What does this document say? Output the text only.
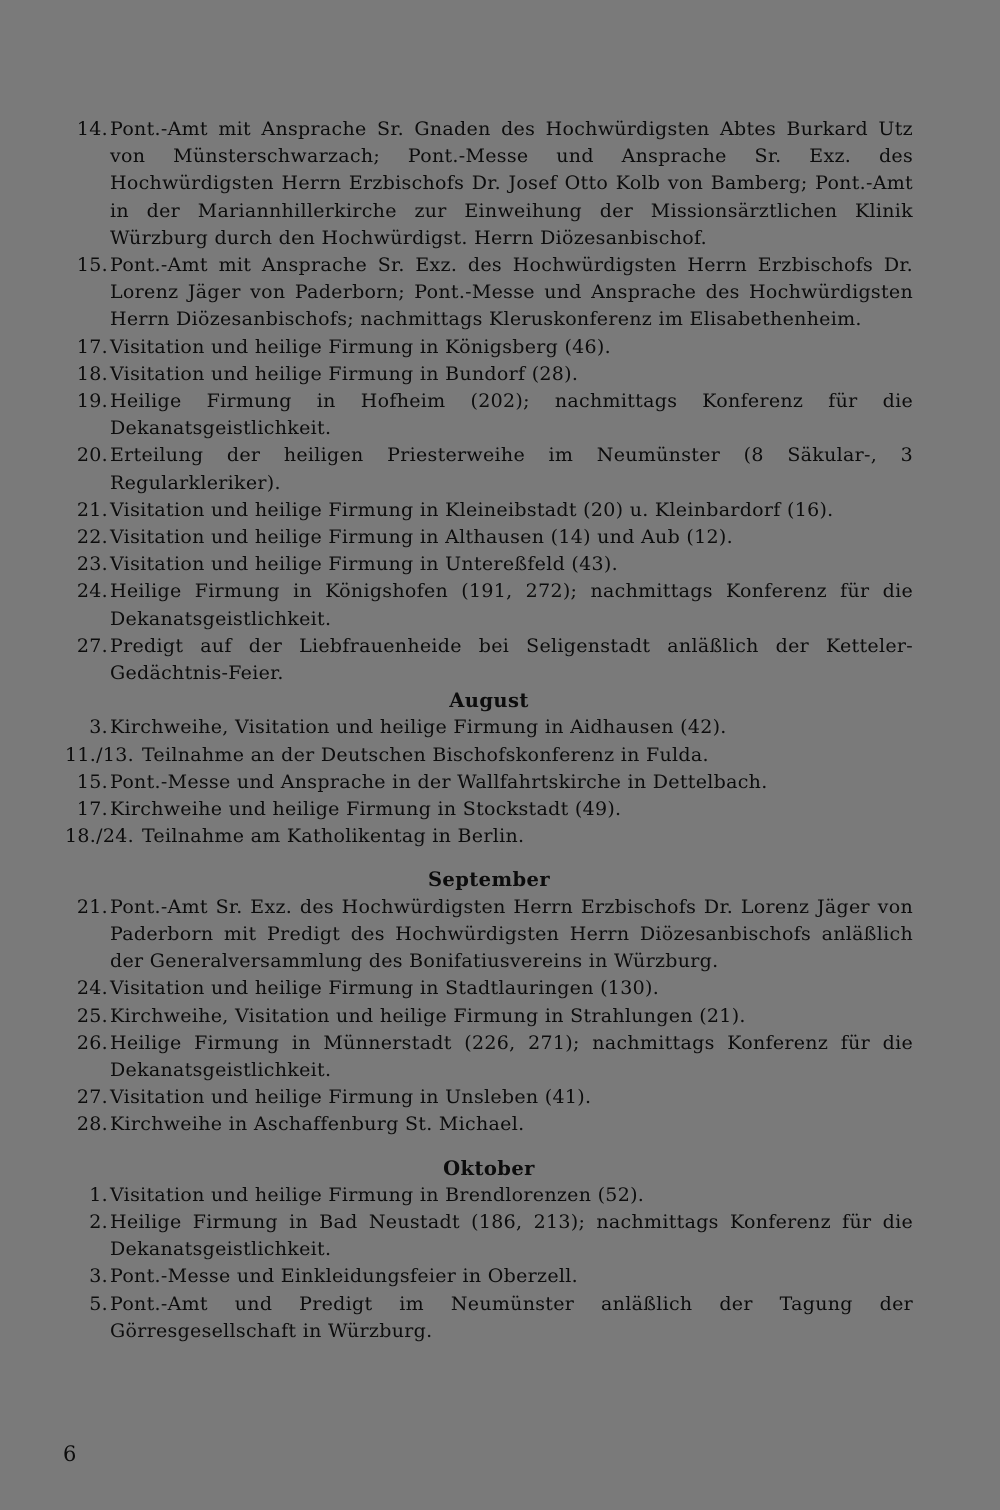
14. Pont.-Amt mit Ansprache Sr. Gnaden des Hochwürdigsten Abtes Burkard Utz von Münsterschwarzach; Pont.-Messe und Ansprache Sr. Exz. des Hochwürdigsten Herrn Erzbischofs Dr. Josef Otto Kolb von Bamberg; Pont.-Amt in der Mariannhillerkirche zur Einweihung der Missionsärztlichen Klinik Würzburg durch den Hochwürdigst. Herrn Diözesanbischof.
15. Pont.-Amt mit Ansprache Sr. Exz. des Hochwürdigsten Herrn Erzbischofs Dr. Lorenz Jäger von Paderborn; Pont.-Messe und Ansprache des Hochwürdigsten Herrn Diözesanbischofs; nachmittags Kleruskonferenz im Elisabethenheim.
17. Visitation und heilige Firmung in Königsberg (46).
18. Visitation und heilige Firmung in Bundorf (28).
19. Heilige Firmung in Hofheim (202); nachmittags Konferenz für die Dekanatsgeistlichkeit.
20. Erteilung der heiligen Priesterweihe im Neumünster (8 Säkular-, 3 Regularkleriker).
21. Visitation und heilige Firmung in Kleineibstadt (20) u. Kleinbardorf (16).
22. Visitation und heilige Firmung in Althausen (14) und Aub (12).
23. Visitation und heilige Firmung in Untereßfeld (43).
24. Heilige Firmung in Königshofen (191, 272); nachmittags Konferenz für die Dekanatsgeistlichkeit.
27. Predigt auf der Liebfrauenheide bei Seligenstadt anläßlich der Ketteler-Gedächtnis-Feier.
August
3. Kirchweihe, Visitation und heilige Firmung in Aidhausen (42).
11./13. Teilnahme an der Deutschen Bischofskonferenz in Fulda.
15. Pont.-Messe und Ansprache in der Wallfahrtskirche in Dettelbach.
17. Kirchweihe und heilige Firmung in Stockstadt (49).
18./24. Teilnahme am Katholikentag in Berlin.
September
21. Pont.-Amt Sr. Exz. des Hochwürdigsten Herrn Erzbischofs Dr. Lorenz Jäger von Paderborn mit Predigt des Hochwürdigsten Herrn Diözesanbischofs anläßlich der Generalversammlung des Bonifatiusvereins in Würzburg.
24. Visitation und heilige Firmung in Stadtlauringen (130).
25. Kirchweihe, Visitation und heilige Firmung in Strahlungen (21).
26. Heilige Firmung in Münnerstadt (226, 271); nachmittags Konferenz für die Dekanatsgeistlichkeit.
27. Visitation und heilige Firmung in Unsleben (41).
28. Kirchweihe in Aschaffenburg St. Michael.
Oktober
1. Visitation und heilige Firmung in Brendlorenzen (52).
2. Heilige Firmung in Bad Neustadt (186, 213); nachmittags Konferenz für die Dekanatsgeistlichkeit.
3. Pont.-Messe und Einkleidungsfeier in Oberzell.
5. Pont.-Amt und Predigt im Neumünster anläßlich der Tagung der Görresgesellschaft in Würzburg.
6
